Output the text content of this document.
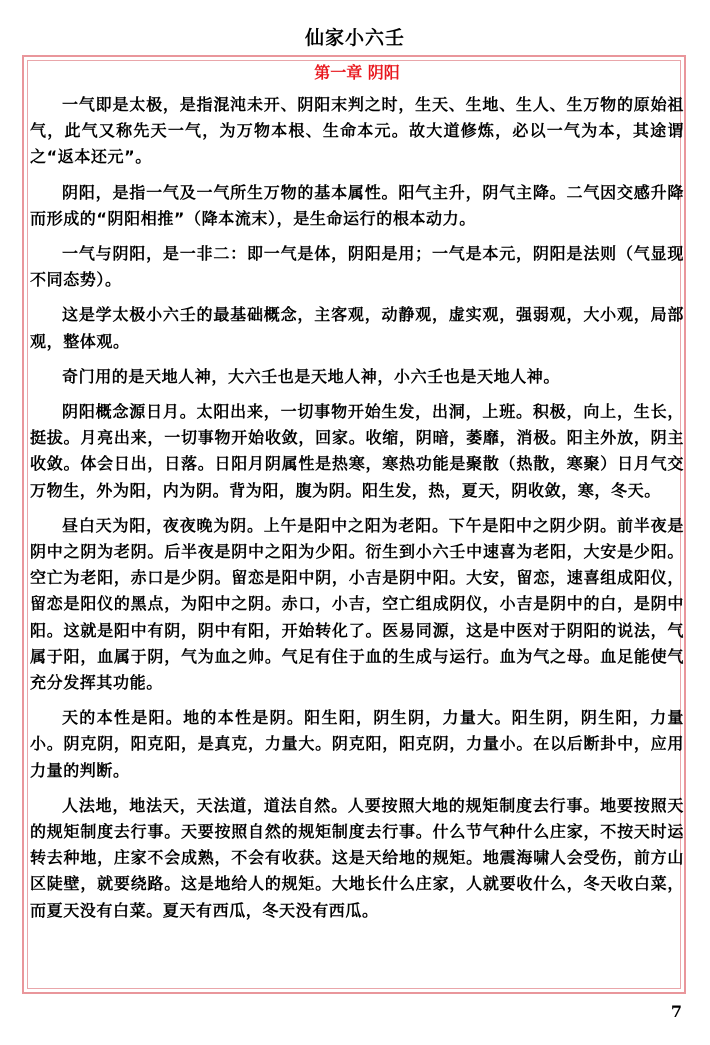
仙家小六壬
第一章 阴阳

一气即是太极，是指混沌未开、阴阳末判之时，生天、生地、生人、生万物的原始祖气，此气又称先天一气，为万物本根、生命本元。故大道修炼，必以一气为本，其途谓之“返本还元”。

阴阳，是指一气及一气所生万物的基本属性。阳气主升，阴气主降。二气因交感升降而形成的“阴阳相推”（降本流末），是生命运行的根本动力。

一气与阴阳，是一非二：即一气是体，阴阳是用；一气是本元，阴阳是法则（气显现不同态势）。

这是学太极小六壬的最基础概念，主客观，动静观，虚实观，强弱观，大小观，局部观，整体观。

奇门用的是天地人神，大六壬也是天地人神，小六壬也是天地人神。

阴阳概念源日月。太阳出来，一切事物开始生发，出洞，上班。积极，向上，生长，挺拔。月亮出来，一切事物开始收敛，回家。收缩，阴暗，萎靡，消极。阳主外放，阴主收敛。体会日出，日落。日阳月阴属性是热寒，寒热功能是聚散（热散，寒聚）日月气交万物生，外为阳，内为阴。背为阳，腹为阴。阳生发，热，夏天，阴收敛，寒，冬天。

昼白天为阳，夜夜晚为阴。上午是阳中之阳为老阳。下午是阳中之阴少阴。前半夜是阴中之阴为老阴。后半夜是阴中之阳为少阳。衍生到小六壬中速喜为老阳，大安是少阳。空亡为老阳，赤口是少阴。留恋是阳中阴，小吉是阴中阳。大安，留恋，速喜组成阳仪，留恋是阳仪的黑点，为阳中之阴。赤口，小吉，空亡组成阴仪，小吉是阴中的白，是阴中阳。这就是阳中有阴，阴中有阳，开始转化了。医易同源，这是中医对于阴阳的说法，气属于阳，血属于阴，气为血之帅。气足有住于血的生成与运行。血为气之母。血足能使气充分发挥其功能。

天的本性是阳。地的本性是阴。阳生阳，阴生阴，力量大。阳生阴，阴生阳，力量小。阴克阴，阳克阳，是真克，力量大。阴克阳，阳克阴，力量小。在以后断卦中，应用力量的判断。

人法地，地法天，天法道，道法自然。人要按照大地的规矩制度去行事。地要按照天的规矩制度去行事。天要按照自然的规矩制度去行事。什么节气种什么庄家，不按天时运转去种地，庄家不会成熟，不会有收获。这是天给地的规矩。地震海啸人会受伤，前方山区陡壁，就要绕路。这是地给人的规矩。大地长什么庄家，人就要收什么，冬天收白菜，而夏天没有白菜。夏天有西瓜，冬天没有西瓜。

7
